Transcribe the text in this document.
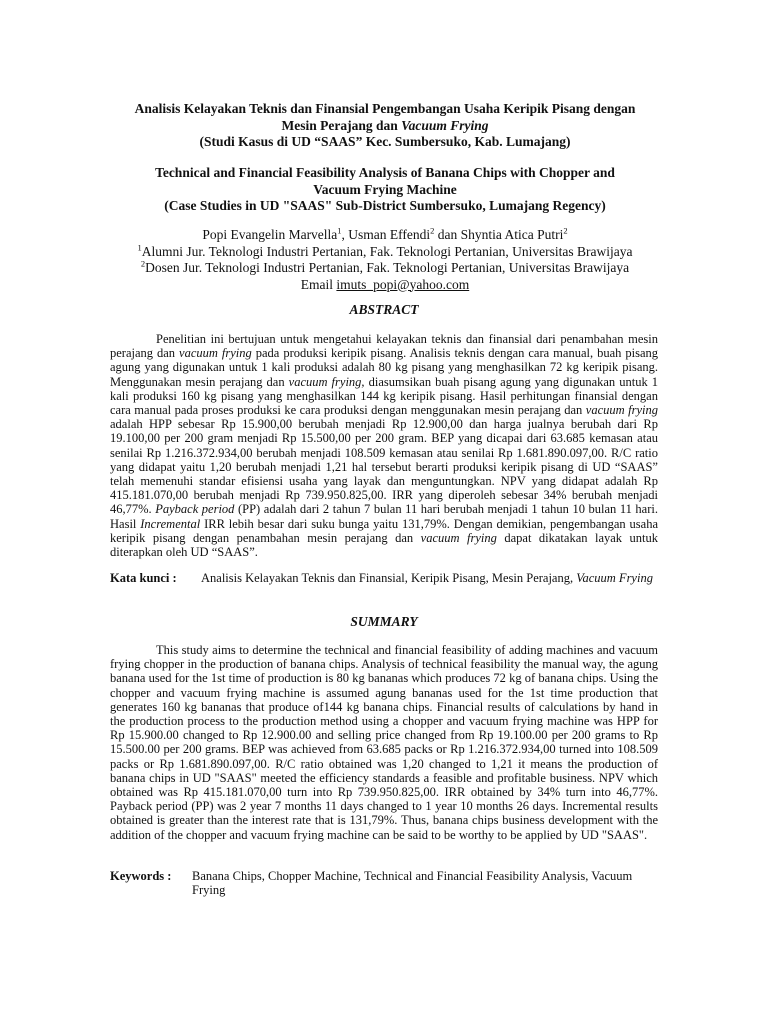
Analisis Kelayakan Teknis dan Finansial Pengembangan Usaha Keripik Pisang dengan
Mesin Perajang dan Vacuum Frying
(Studi Kasus di UD “SAAS” Kec. Sumbersuko, Kab. Lumajang)
Technical and Financial Feasibility Analysis of Banana Chips with Chopper and
Vacuum Frying Machine
(Case Studies in UD "SAAS" Sub-District Sumbersuko, Lumajang Regency)
Popi Evangelin Marvella$^1$, Usman Effendi$^2$ dan Shyntia Atica Putri$^2$
$^1$Alumni Jur. Teknologi Industri Pertanian, Fak. Teknologi Pertanian, Universitas Brawijaya
$^2$Dosen Jur. Teknologi Industri Pertanian, Fak. Teknologi Pertanian, Universitas Brawijaya
Email imuts_popi@yahoo.com
ABSTRACT
Penelitian ini bertujuan untuk mengetahui kelayakan teknis dan finansial dari penambahan mesin perajang dan vacuum frying pada produksi keripik pisang. Analisis teknis dengan cara manual, buah pisang agung yang digunakan untuk 1 kali produksi adalah 80 kg pisang yang menghasilkan 72 kg keripik pisang. Menggunakan mesin perajang dan vacuum frying, diasumsikan buah pisang agung yang digunakan untuk 1 kali produksi 160 kg pisang yang menghasilkan 144 kg keripik pisang. Hasil perhitungan finansial dengan cara manual pada proses produksi ke cara produksi dengan menggunakan mesin perajang dan vacuum frying adalah HPP sebesar Rp 15.900,00 berubah menjadi Rp 12.900,00 dan harga jualnya berubah dari Rp 19.100,00 per 200 gram menjadi Rp 15.500,00 per 200 gram. BEP yang dicapai dari 63.685 kemasan atau senilai Rp 1.216.372.934,00 berubah menjadi 108.509 kemasan atau senilai Rp 1.681.890.097,00. R/C ratio yang didapat yaitu 1,20 berubah menjadi 1,21 hal tersebut berarti produksi keripik pisang di UD “SAAS” telah memenuhi standar efisiensi usaha yang layak dan menguntungkan. NPV yang didapat adalah Rp 415.181.070,00 berubah menjadi Rp 739.950.825,00. IRR yang diperoleh sebesar 34% berubah menjadi 46,77%. Payback period (PP) adalah dari 2 tahun 7 bulan 11 hari berubah menjadi 1 tahun 10 bulan 11 hari. Hasil Incremental IRR lebih besar dari suku bunga yaitu 131,79%. Dengan demikian, pengembangan usaha keripik pisang dengan penambahan mesin perajang dan vacuum frying dapat dikatakan layak untuk diterapkan oleh UD “SAAS”.
Kata kunci : Analisis Kelayakan Teknis dan Finansial, Keripik Pisang, Mesin Perajang, Vacuum Frying
SUMMARY
This study aims to determine the technical and financial feasibility of adding machines and vacuum frying chopper in the production of banana chips. Analysis of technical feasibility the manual way, the agung banana used for the 1st time of production is 80 kg bananas which produces 72 kg of banana chips. Using the chopper and vacuum frying machine is assumed agung bananas used for the 1st time production that generates 160 kg bananas that produce of144 kg banana chips. Financial results of calculations by hand in the production process to the production method using a chopper and vacuum frying machine was HPP for Rp 15.900.00 changed to Rp 12.900.00 and selling price changed from Rp 19.100.00 per 200 grams to Rp 15.500.00 per 200 grams. BEP was achieved from 63.685 packs or Rp 1.216.372.934,00 turned into 108.509 packs or Rp 1.681.890.097,00. R/C ratio obtained was 1,20 changed to 1,21 it means the production of banana chips in UD "SAAS" meeted the efficiency standards a feasible and profitable business. NPV which obtained was Rp 415.181.070,00 turn into Rp 739.950.825,00. IRR obtained by 34% turn into 46,77%. Payback period (PP) was 2 year 7 months 11 days changed to 1 year 10 months 26 days. Incremental results obtained is greater than the interest rate that is 131,79%. Thus, banana chips business development with the addition of the chopper and vacuum frying machine can be said to be worthy to be applied by UD "SAAS".
Keywords : Banana Chips, Chopper Machine, Technical and Financial Feasibility Analysis, Vacuum Frying
